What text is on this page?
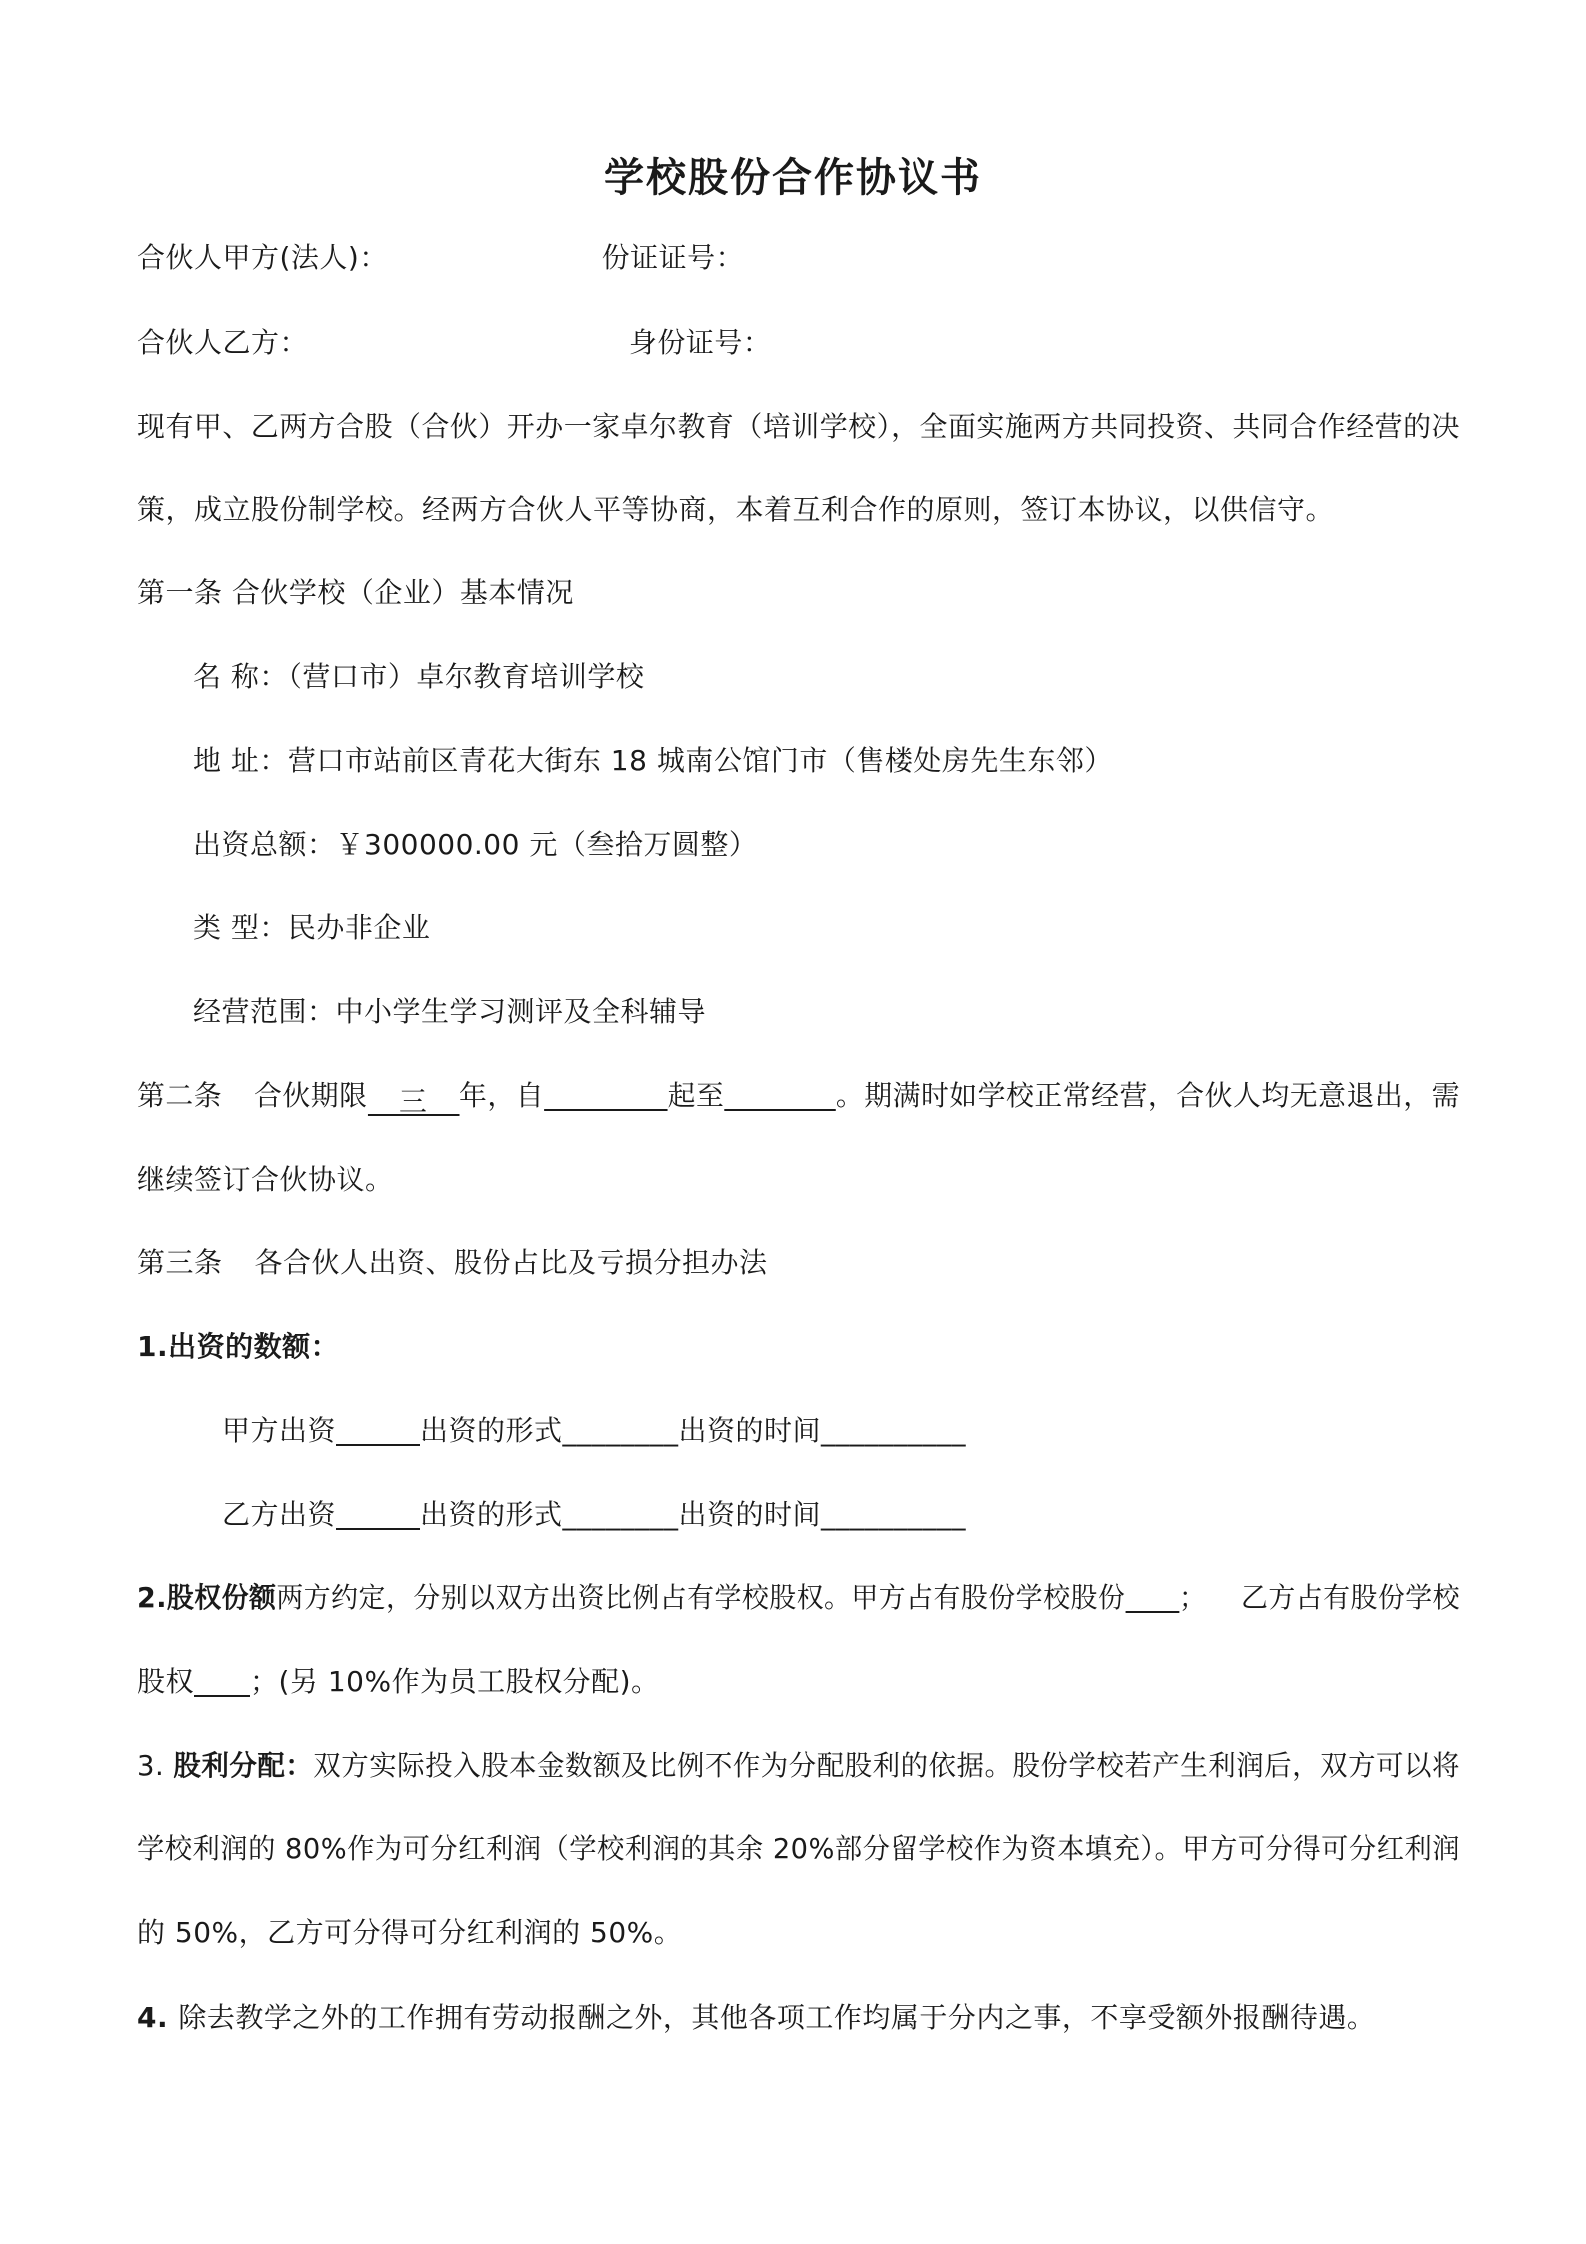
学校股份合作协议书
合伙人甲方(法人)：	份证证号：
合伙人乙方：	身份证号：
现有甲、乙两方合股（合伙）开办一家卓尔教育（培训学校），全面实施两方共同投资、共同合作经营的决
策，成立股份制学校。经两方合伙人平等协商，本着互利合作的原则，签订本协议，以供信守。
第一条 合伙学校（企业）基本情况
名 称：（营口市）卓尔教育培训学校
地 址：营口市站前区青花大街东 18 城南公馆门市（售楼处房先生东邻）
出资总额：￥300000.00 元（叁拾万圆整）
类 型：民办非企业
经营范围：中小学生学习测评及全科辅导
第二条 合伙期限 三 年，自	起至	。期满时如学校正常经营，合伙人均无意退出，需
继续签订合伙协议。
第三条 各合伙人出资、股份占比及亏损分担办法
1.出资的数额：
甲方出资	出资的形式________出资的时间__________
乙方出资	出资的形式________出资的时间__________
2.股权份额两方约定，分别以双方出资比例占有学校股权。甲方占有股份学校股份 ； 乙方占有股份学校
股权 ；(另 10%作为员工股权分配)。
3. 股利分配：双方实际投入股本金数额及比例不作为分配股利的依据。股份学校若产生利润后，双方可以将
学校利润的 80%作为可分红利润（学校利润的其余 20%部分留学校作为资本填充）。甲方可分得可分红利润
的 50%，乙方可分得可分红利润的 50%。
4. 除去教学之外的工作拥有劳动报酬之外，其他各项工作均属于分内之事，不享受额外报酬待遇。
